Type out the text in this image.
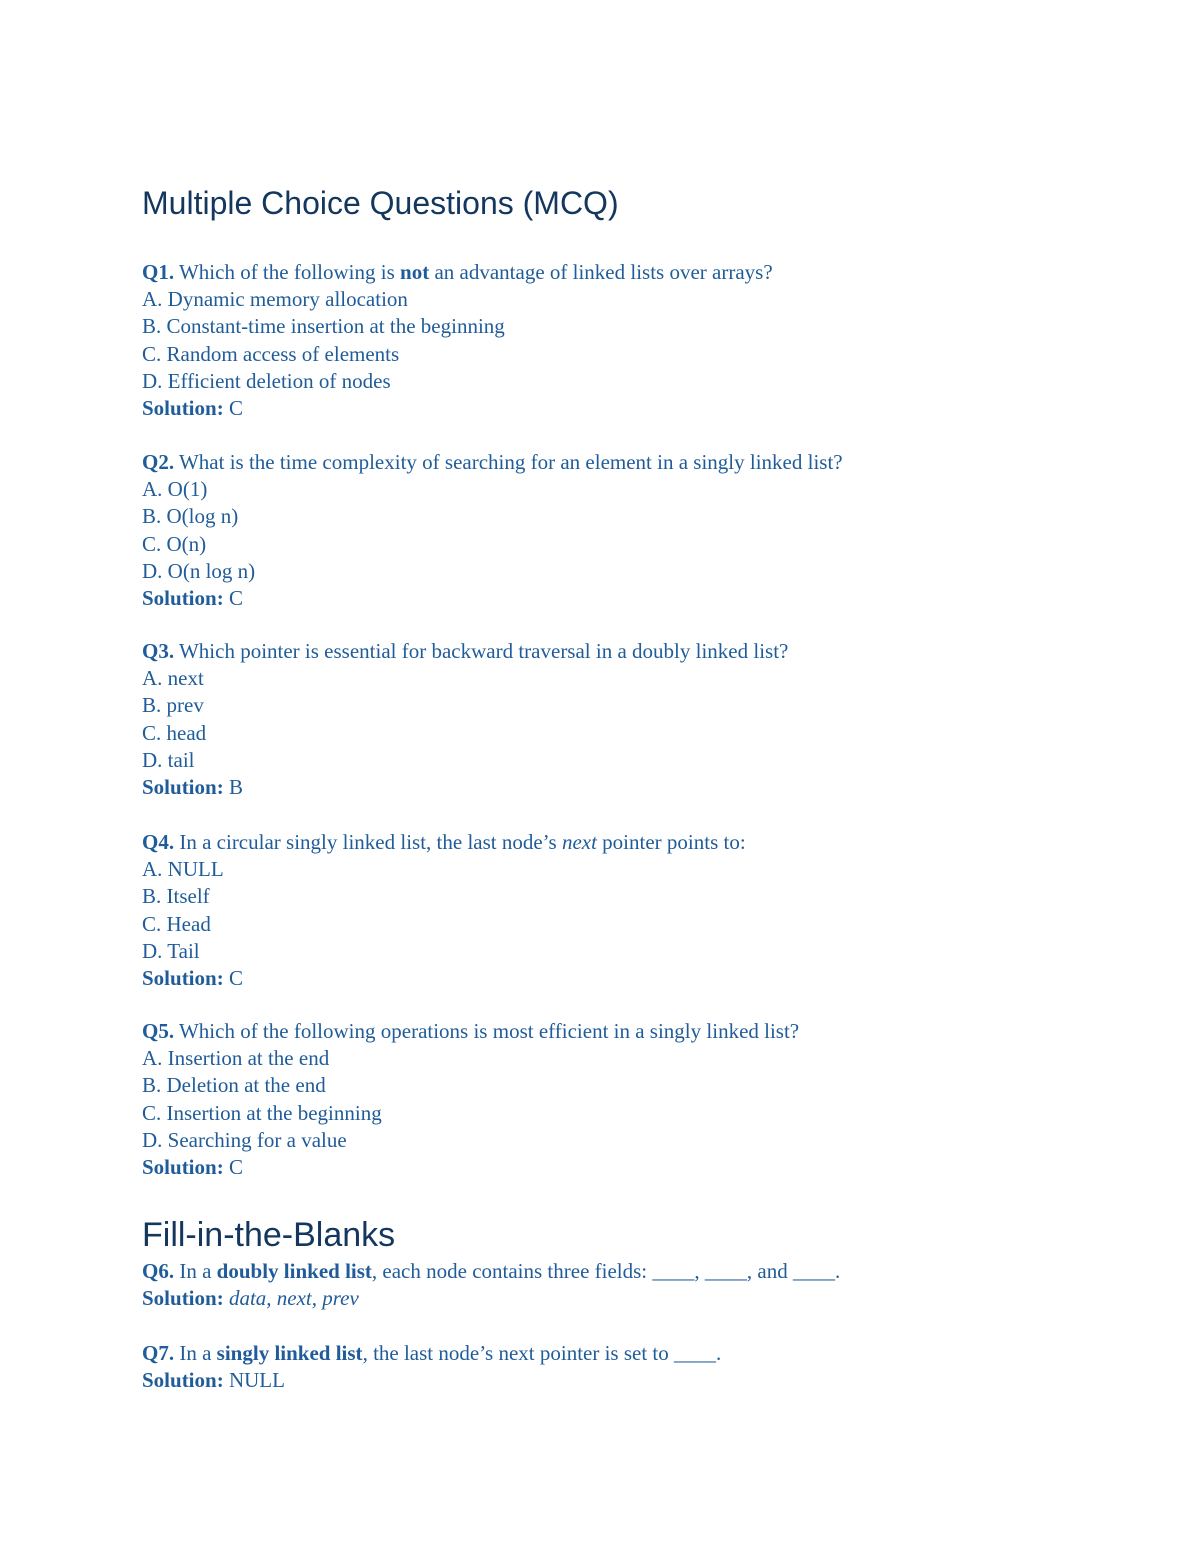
Multiple Choice Questions (MCQ)
Q1. Which of the following is not an advantage of linked lists over arrays?
A. Dynamic memory allocation
B. Constant-time insertion at the beginning
C. Random access of elements
D. Efficient deletion of nodes
Solution: C
Q2. What is the time complexity of searching for an element in a singly linked list?
A. O(1)
B. O(log n)
C. O(n)
D. O(n log n)
Solution: C
Q3. Which pointer is essential for backward traversal in a doubly linked list?
A. next
B. prev
C. head
D. tail
Solution: B
Q4. In a circular singly linked list, the last node’s next pointer points to:
A. NULL
B. Itself
C. Head
D. Tail
Solution: C
Q5. Which of the following operations is most efficient in a singly linked list?
A. Insertion at the end
B. Deletion at the end
C. Insertion at the beginning
D. Searching for a value
Solution: C
Fill-in-the-Blanks
Q6. In a doubly linked list, each node contains three fields: ____, ____, and ____.
Solution: data, next, prev
Q7. In a singly linked list, the last node’s next pointer is set to ____.
Solution: NULL
